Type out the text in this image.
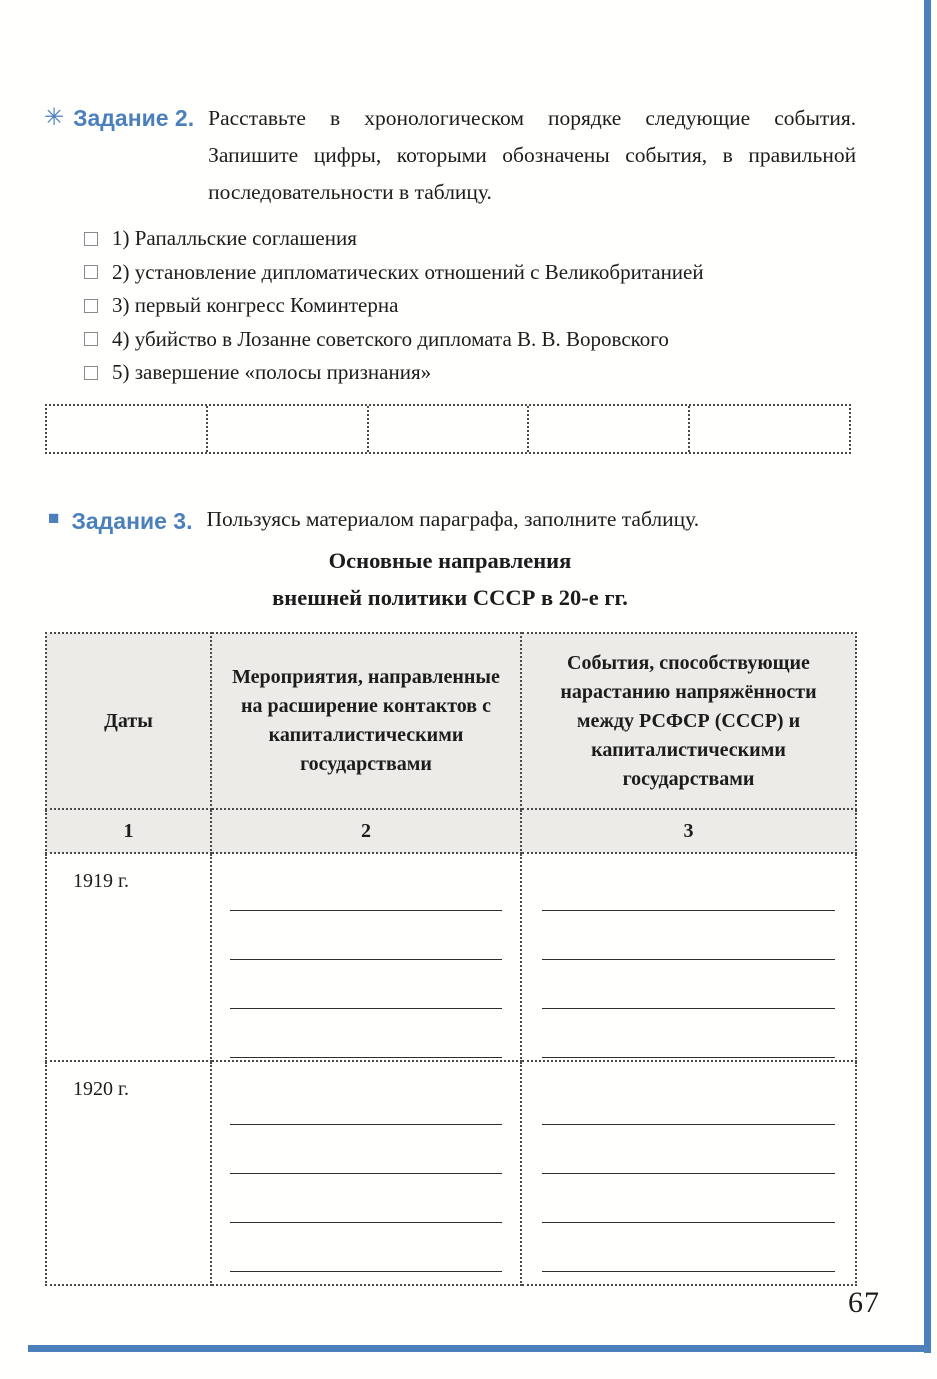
✳ Задание 2. Расставьте в хронологическом порядке следующие события. Запишите цифры, которыми обозначены события, в правильной последовательности в таблицу.
1) Рапалльские соглашения
2) установление дипломатических отношений с Великобританией
3) первый конгресс Коминтерна
4) убийство в Лозанне советского дипломата В. В. Воровского
5) завершение «полосы признания»
■ Задание 3. Пользуясь материалом параграфа, заполните таблицу.
Основные направления
внешней политики СССР в 20-е гг.
Даты	Мероприятия, направленные на расширение контактов с капиталистическими государствами	События, способствующие нарастанию напряжённости между РСФСР (СССР) и капиталистическими государствами
1	2	3
1919 г.	

1920 г.	

67
